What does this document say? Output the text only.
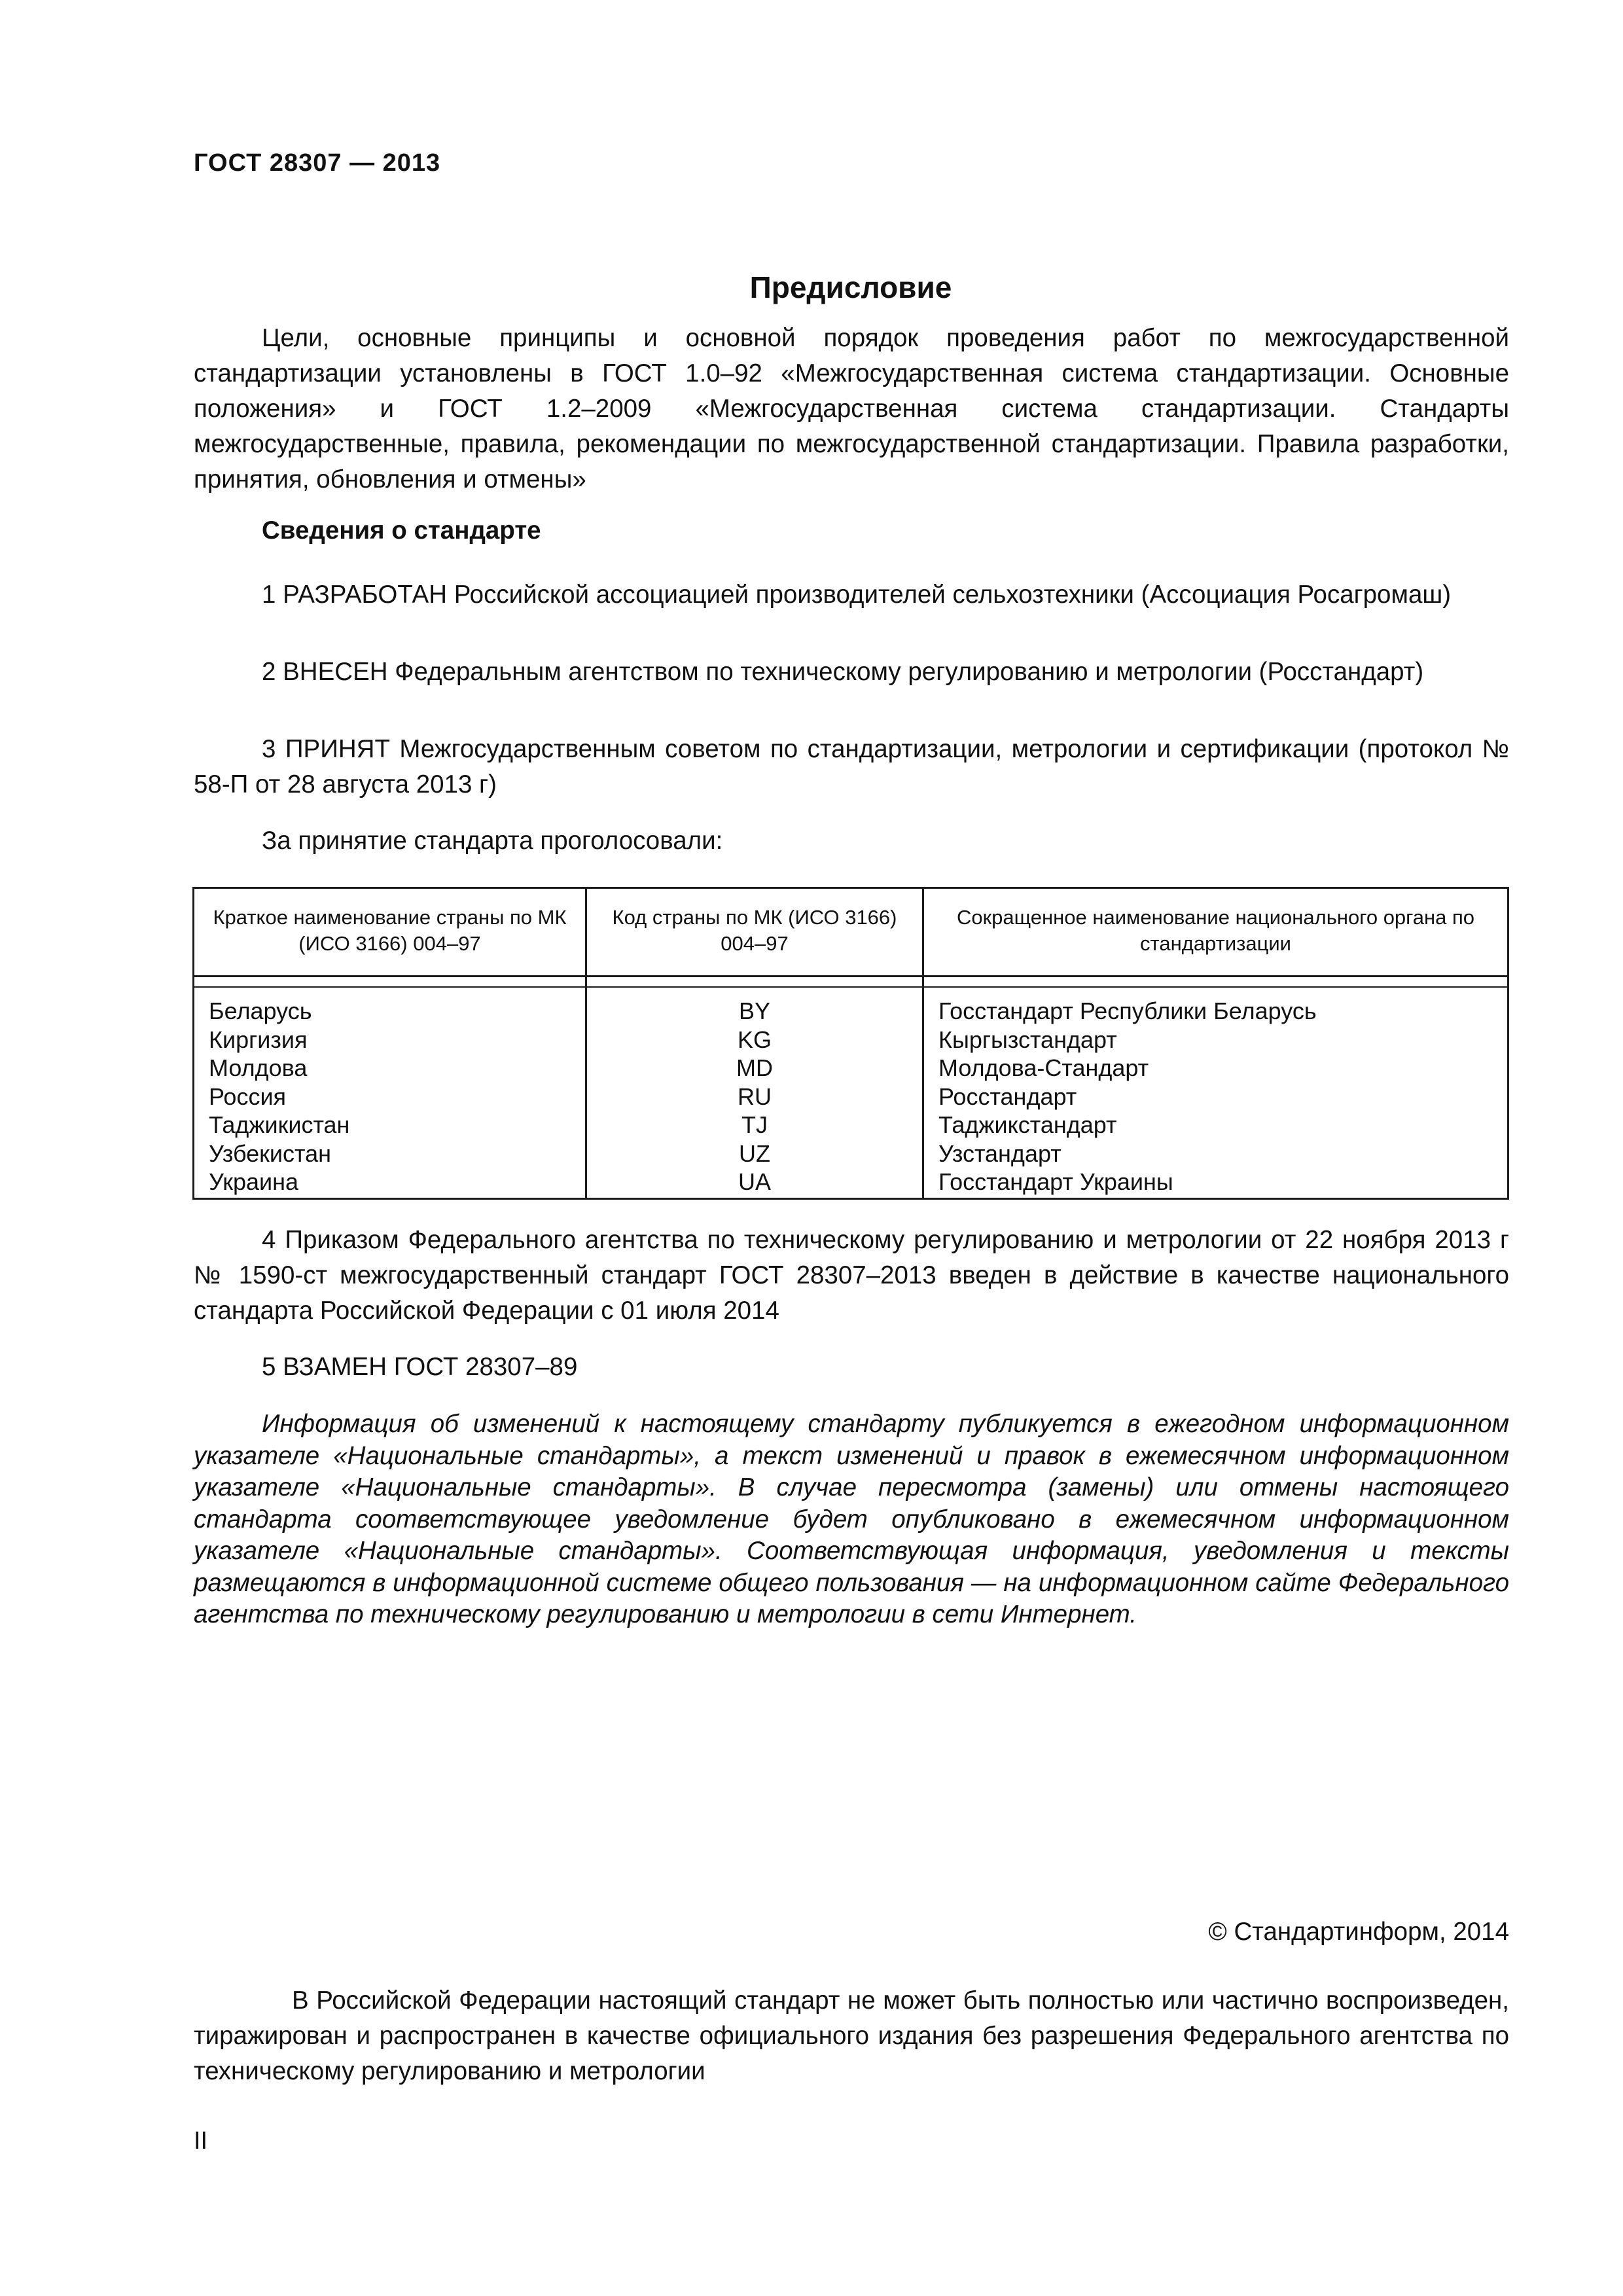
ГОСТ 28307 — 2013
Предисловие

Цели, основные принципы и основной порядок проведения работ по межгосударственной стандартизации установлены в ГОСТ 1.0–92 «Межгосударственная система стандартизации. Основные положения» и ГОСТ 1.2–2009 «Межгосударственная система стандартизации. Стандарты межгосударственные, правила, рекомендации по межгосударственной стандартизации. Правила разработки, принятия, обновления и отмены»

Сведения о стандарте

1 РАЗРАБОТАН Российской ассоциацией производителей сельхозтехники (Ассоциация Росагромаш)

2 ВНЕСЕН Федеральным агентством по техническому регулированию и метрологии (Росстандарт)

3 ПРИНЯТ Межгосударственным советом по стандартизации, метрологии и сертификации (протокол № 58-П от 28 августа 2013 г)

За принятие стандарта проголосовали:

Краткое наименование страны по МК (ИСО 3166) 004–97
Код страны по МК (ИСО 3166) 004–97
Сокращенное наименование национального органа по стандартизации
Беларусь
Киргизия
Молдова
Россия
Таджикистан
Узбекистан
Украина
BY
KG
MD
RU
TJ
UZ
UA
Госстандарт Республики Беларусь
Кыргызстандарт
Молдова-Стандарт
Росстандарт
Таджикстандарт
Узстандарт
Госстандарт Украины

4 Приказом Федерального агентства по техническому регулированию и метрологии от 22 ноября 2013 г № 1590-ст межгосударственный стандарт ГОСТ 28307–2013 введен в действие в качестве национального стандарта Российской Федерации с 01 июля 2014

5 ВЗАМЕН ГОСТ 28307–89

Информация об изменений к настоящему стандарту публикуется в ежегодном информационном указателе «Национальные стандарты», а текст изменений и правок в ежемесячном информационном указателе «Национальные стандарты». В случае пересмотра (замены) или отмены настоящего стандарта соответствующее уведомление будет опубликовано в ежемесячном информационном указателе «Национальные стандарты». Соответствующая информация, уведомления и тексты размещаются в информационной системе общего пользования — на информационном сайте Федерального агентства по техническому регулированию и метрологии в сети Интернет.

© Стандартинформ, 2014

В Российской Федерации настоящий стандарт не может быть полностью или частично воспроизведен, тиражирован и распространен в качестве официального издания без разрешения Федерального агентства по техническому регулированию и метрологии

II
